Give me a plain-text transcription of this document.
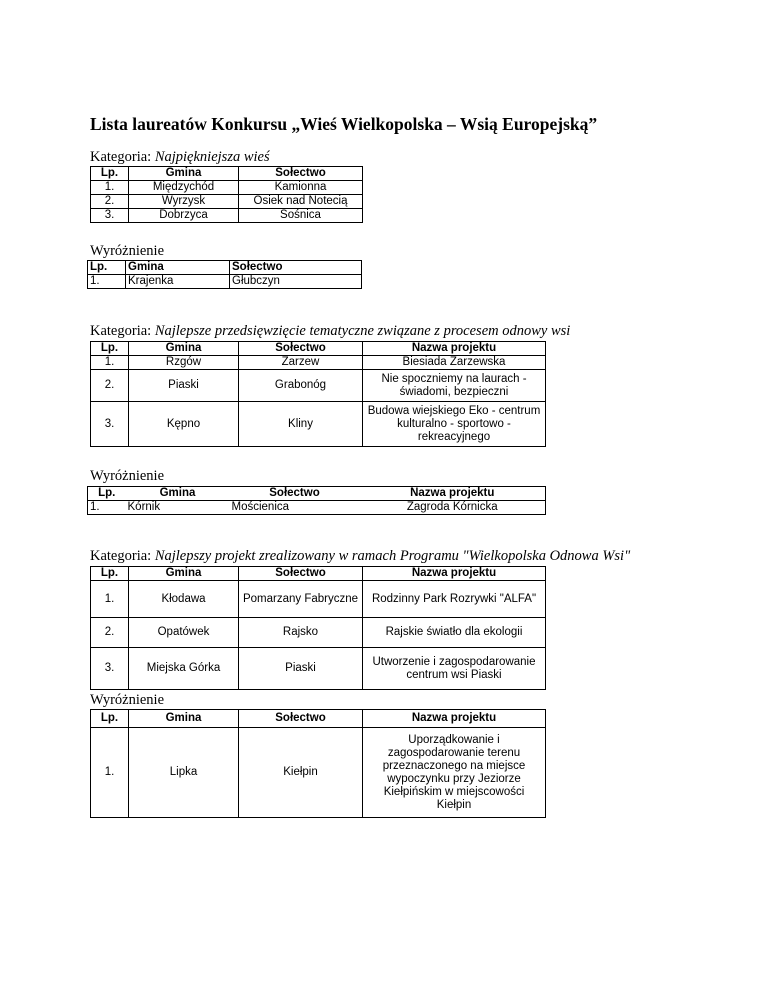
Lista laureatów Konkursu „Wieś Wielkopolska – Wsią Europejską”
Kategoria: Najpiękniejsza wieś
Lp.	Gmina	Sołectwo
1.	Międzychód	Kamionna
2.	Wyrzysk	Osiek nad Notecią
3.	Dobrzyca	Sośnica
Wyróżnienie
Lp.	Gmina	Sołectwo
1.	Krajenka	Głubczyn
Kategoria: Najlepsze przedsięwzięcie tematyczne związane z procesem odnowy wsi
Lp.	Gmina	Sołectwo	Nazwa projektu
1.	Rzgów	Zarzew	Biesiada Zarzewska
2.	Piaski	Grabonóg	Nie spoczniemy na laurach - świadomi, bezpieczni
3.	Kępno	Kliny	Budowa wiejskiego Eko - centrum kulturalno - sportowo - rekreacyjnego
Wyróżnienie
Lp.	Gmina	Sołectwo	Nazwa projektu
1.	Kórnik	Mościenica	Zagroda Kórnicka
Kategoria: Najlepszy projekt zrealizowany w ramach Programu "Wielkopolska Odnowa Wsi"
Lp.	Gmina	Sołectwo	Nazwa projektu
1.	Kłodawa	Pomarzany Fabryczne	Rodzinny Park Rozrywki "ALFA"
2.	Opatówek	Rajsko	Rajskie światło dla ekologii
3.	Miejska Górka	Piaski	Utworzenie i zagospodarowanie centrum wsi Piaski
Wyróżnienie
Lp.	Gmina	Sołectwo	Nazwa projektu
1.	Lipka	Kiełpin	Uporządkowanie i zagospodarowanie terenu przeznaczonego na miejsce wypoczynku przy Jeziorze Kiełpińskim w miejscowości Kiełpin
